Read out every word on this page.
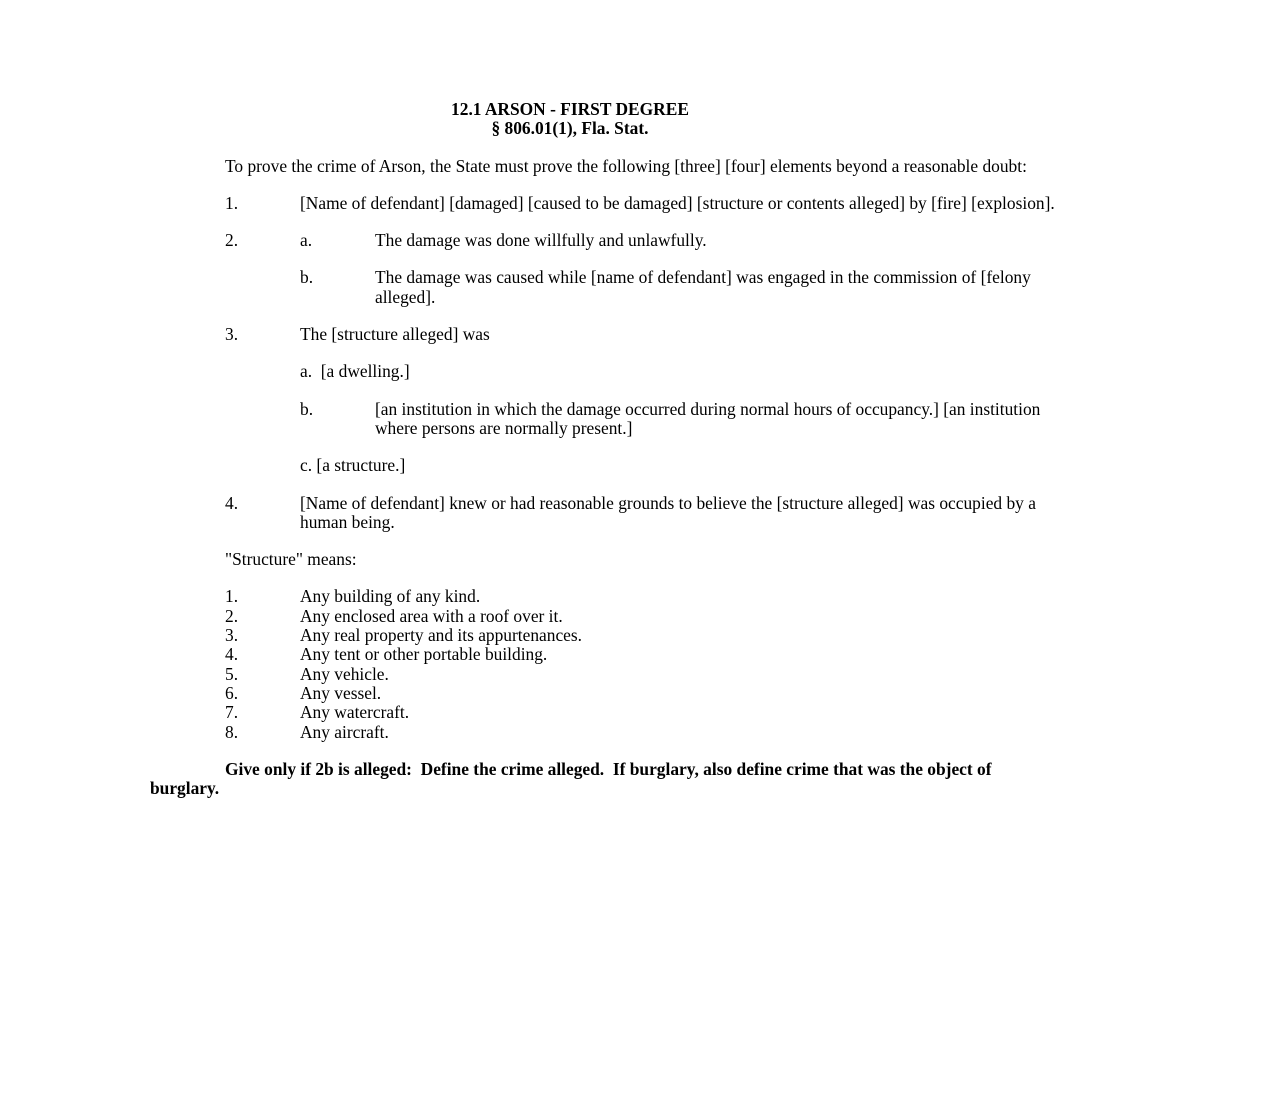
12.1 ARSON - FIRST DEGREE

§ 806.01(1), Fla. Stat.

To prove the crime of Arson, the State must prove the following [three] [four] elements beyond a reasonable doubt:

1.	[Name of defendant] [damaged] [caused to be damaged] [structure or contents alleged] by [fire] [explosion].
2.	a.	The damage was done willfully and unlawfully.
b.	The damage was caused while [name of defendant] was engaged in the commission of [felony alleged].
3.	The [structure alleged] was

a.  [a dwelling.]

b.	[an institution in which the damage occurred during normal hours of occupancy.] [an institution where persons are normally present.]

c. [a structure.]

4.	[Name of defendant] knew or had reasonable grounds to believe the [structure alleged] was occupied by a human being.

"Structure" means:

1.	Any building of any kind.
2.	Any enclosed area with a roof over it.
3.	Any real property and its appurtenances.
4.	Any tent or other portable building.
5.	Any vehicle.
6.	Any vessel.
7.	Any watercraft.
8.	Any aircraft.

Give only if 2b is alleged:  Define the crime alleged.  If burglary, also define crime that was the object of burglary.
